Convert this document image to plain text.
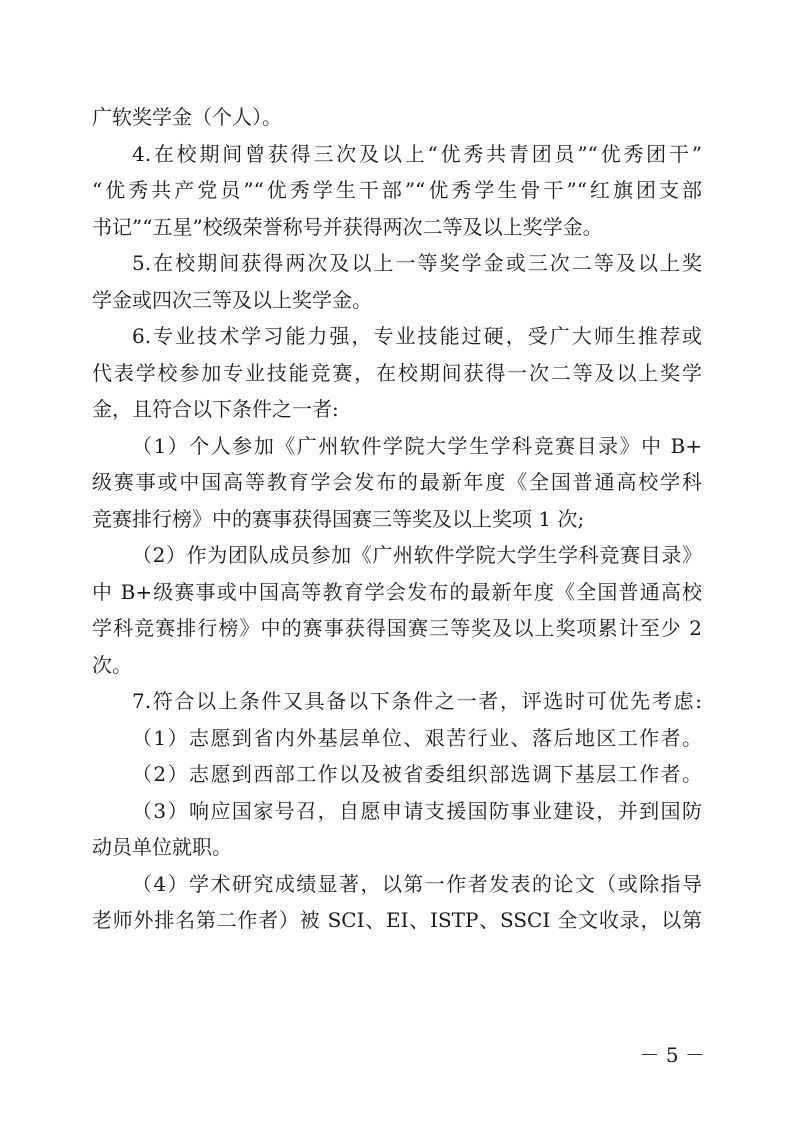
广软奖学金（个人）。
4.在校期间曾获得三次及以上“优秀共青团员”“优秀团干”
“优秀共产党员”“优秀学生干部”“优秀学生骨干”“红旗团支部
书记”“五星”校级荣誉称号并获得两次二等及以上奖学金。
5.在校期间获得两次及以上一等奖学金或三次二等及以上奖
学金或四次三等及以上奖学金。
6.专业技术学习能力强，专业技能过硬，受广大师生推荐或
代表学校参加专业技能竞赛，在校期间获得一次二等及以上奖学
金，且符合以下条件之一者:
（1）个人参加《广州软件学院大学生学科竞赛目录》中 B+
级赛事或中国高等教育学会发布的最新年度《全国普通高校学科
竞赛排行榜》中的赛事获得国赛三等奖及以上奖项 1 次;
（2）作为团队成员参加《广州软件学院大学生学科竞赛目录》
中 B+级赛事或中国高等教育学会发布的最新年度《全国普通高校
学科竞赛排行榜》中的赛事获得国赛三等奖及以上奖项累计至少 2
次。
7.符合以上条件又具备以下条件之一者，评选时可优先考虑:
（1）志愿到省内外基层单位、艰苦行业、落后地区工作者。
（2）志愿到西部工作以及被省委组织部选调下基层工作者。
（3）响应国家号召，自愿申请支援国防事业建设，并到国防
动员单位就职。
（4）学术研究成绩显著，以第一作者发表的论文（或除指导
老师外排名第二作者）被 SCI、EI、ISTP、SSCI 全文收录，以第
－ 5 －
